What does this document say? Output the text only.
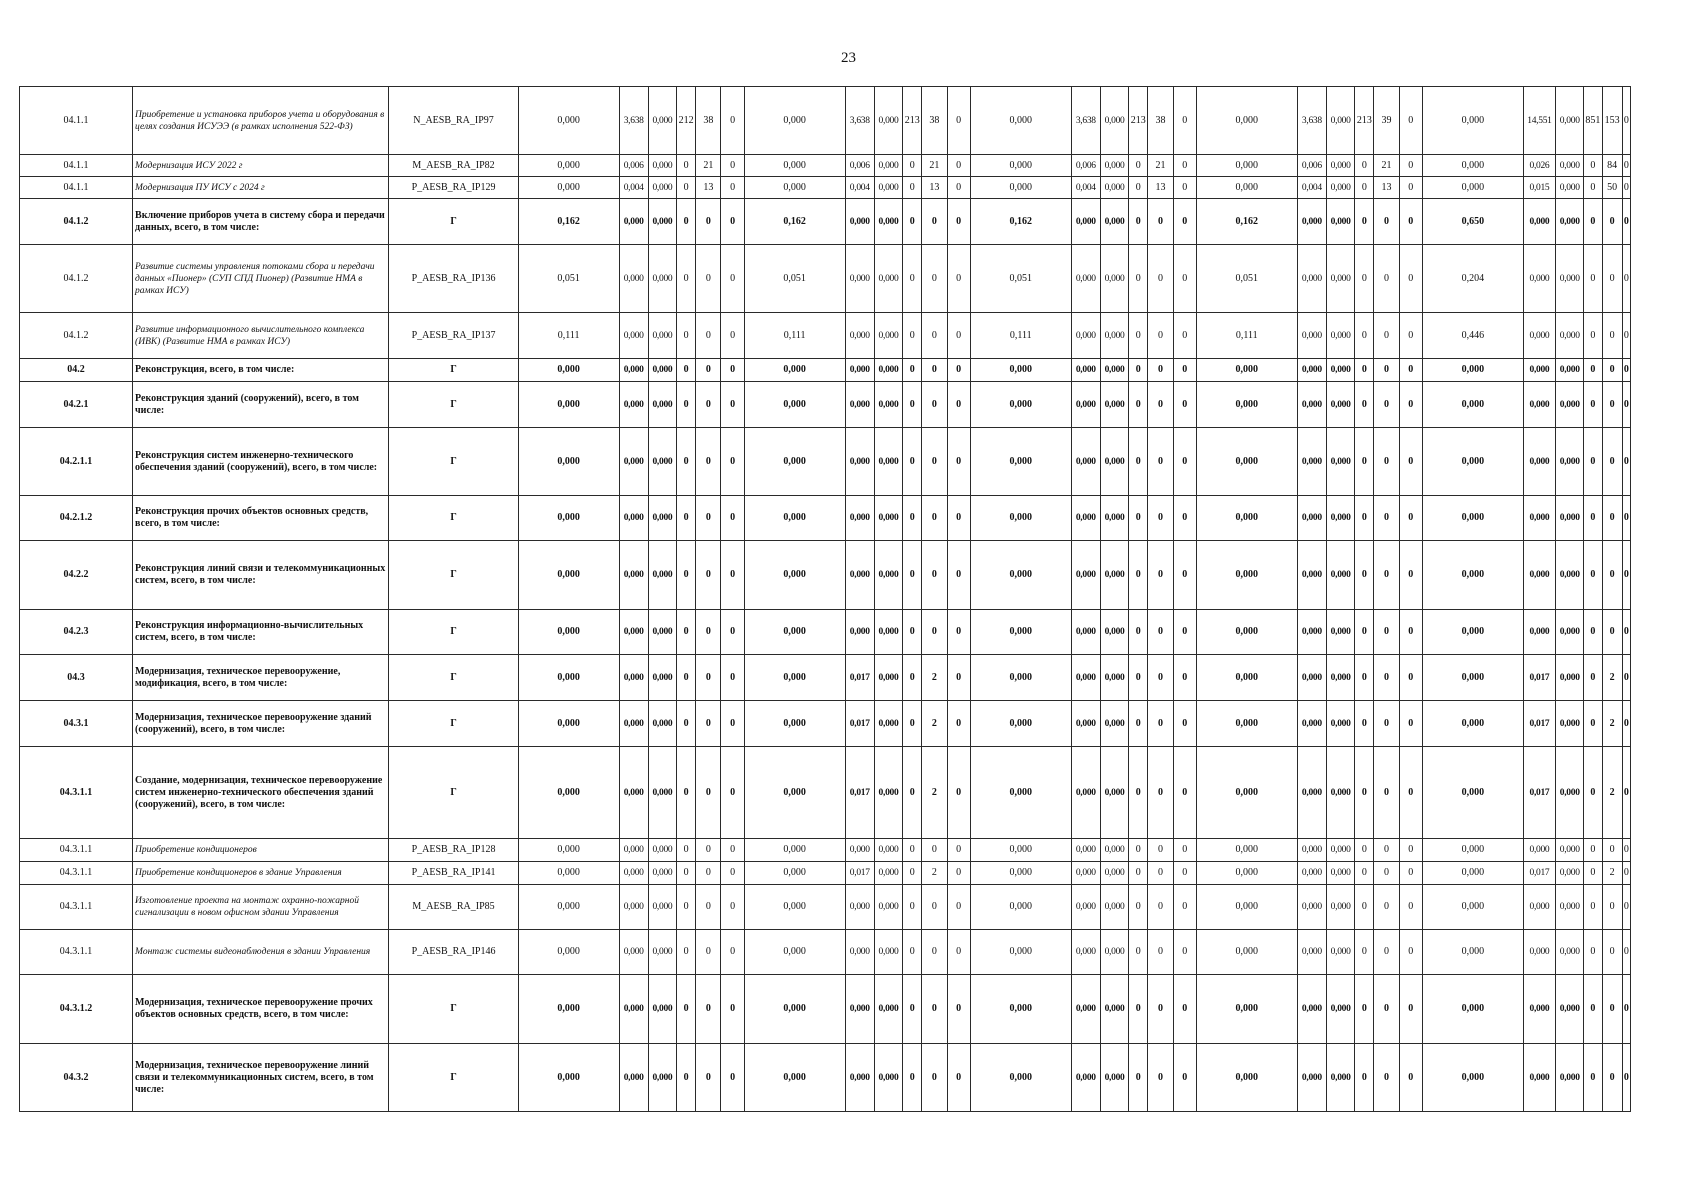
23
04.1.1	Приобретение и установка приборов учета и оборудования в целях создания ИСУЭЭ (в рамках исполнения 522-ФЗ)	N_AESB_RA_IP97	0,000	3,638	0,000	212	38	0	0,000	3,638	0,000	213	38	0	0,000	3,638	0,000	213	38	0	0,000	3,638	0,000	213	39	0	0,000	14,551	0,000	851	153	0
04.1.1	Модернизация ИСУ 2022 г	M_AESB_RA_IP82	0,000	0,006	0,000	0	21	0	0,000	0,006	0,000	0	21	0	0,000	0,006	0,000	0	21	0	0,000	0,006	0,000	0	21	0	0,000	0,026	0,000	0	84	0
04.1.1	Модернизация ПУ ИСУ с 2024 г	P_AESB_RA_IP129	0,000	0,004	0,000	0	13	0	0,000	0,004	0,000	0	13	0	0,000	0,004	0,000	0	13	0	0,000	0,004	0,000	0	13	0	0,000	0,015	0,000	0	50	0
04.1.2	Включение приборов учета в систему сбора и передачи данных, всего, в том числе:	Г	0,162	0,000	0,000	0	0	0	0,162	0,000	0,000	0	0	0	0,162	0,000	0,000	0	0	0	0,162	0,000	0,000	0	0	0	0,650	0,000	0,000	0	0	0
04.1.2	Развитие системы управления потоками сбора и передачи данных «Пионер» (СУП СПД Пионер) (Развитие НМА в рамках ИСУ)	P_AESB_RA_IP136	0,051	0,000	0,000	0	0	0	0,051	0,000	0,000	0	0	0	0,051	0,000	0,000	0	0	0	0,051	0,000	0,000	0	0	0	0,204	0,000	0,000	0	0	0
04.1.2	Развитие информационного вычислительного комплекса (ИВК) (Развитие НМА в рамках ИСУ)	P_AESB_RA_IP137	0,111	0,000	0,000	0	0	0	0,111	0,000	0,000	0	0	0	0,111	0,000	0,000	0	0	0	0,111	0,000	0,000	0	0	0	0,446	0,000	0,000	0	0	0
04.2	Реконструкция, всего, в том числе:	Г	0,000	0,000	0,000	0	0	0	0,000	0,000	0,000	0	0	0	0,000	0,000	0,000	0	0	0	0,000	0,000	0,000	0	0	0	0,000	0,000	0,000	0	0	0
04.2.1	Реконструкция зданий (сооружений), всего, в том числе:	Г	0,000	0,000	0,000	0	0	0	0,000	0,000	0,000	0	0	0	0,000	0,000	0,000	0	0	0	0,000	0,000	0,000	0	0	0	0,000	0,000	0,000	0	0	0
04.2.1.1	Реконструкция систем инженерно-технического обеспечения зданий (сооружений), всего, в том числе:	Г	0,000	0,000	0,000	0	0	0	0,000	0,000	0,000	0	0	0	0,000	0,000	0,000	0	0	0	0,000	0,000	0,000	0	0	0	0,000	0,000	0,000	0	0	0
04.2.1.2	Реконструкция прочих объектов основных средств, всего, в том числе:	Г	0,000	0,000	0,000	0	0	0	0,000	0,000	0,000	0	0	0	0,000	0,000	0,000	0	0	0	0,000	0,000	0,000	0	0	0	0,000	0,000	0,000	0	0	0
04.2.2	Реконструкция линий связи и телекоммуникационных систем, всего, в том числе:	Г	0,000	0,000	0,000	0	0	0	0,000	0,000	0,000	0	0	0	0,000	0,000	0,000	0	0	0	0,000	0,000	0,000	0	0	0	0,000	0,000	0,000	0	0	0
04.2.3	Реконструкция информационно-вычислительных систем, всего, в том числе:	Г	0,000	0,000	0,000	0	0	0	0,000	0,000	0,000	0	0	0	0,000	0,000	0,000	0	0	0	0,000	0,000	0,000	0	0	0	0,000	0,000	0,000	0	0	0
04.3	Модернизация, техническое перевооружение, модификация, всего, в том числе:	Г	0,000	0,000	0,000	0	0	0	0,000	0,017	0,000	0	2	0	0,000	0,000	0,000	0	0	0	0,000	0,000	0,000	0	0	0	0,000	0,017	0,000	0	2	0
04.3.1	Модернизация, техническое перевооружение зданий (сооружений), всего, в том числе:	Г	0,000	0,000	0,000	0	0	0	0,000	0,017	0,000	0	2	0	0,000	0,000	0,000	0	0	0	0,000	0,000	0,000	0	0	0	0,000	0,017	0,000	0	2	0
04.3.1.1	Создание, модернизация, техническое перевооружение систем инженерно-технического обеспечения зданий (сооружений), всего, в том числе:	Г	0,000	0,000	0,000	0	0	0	0,000	0,017	0,000	0	2	0	0,000	0,000	0,000	0	0	0	0,000	0,000	0,000	0	0	0	0,000	0,017	0,000	0	2	0
04.3.1.1	Приобретение кондиционеров	P_AESB_RA_IP128	0,000	0,000	0,000	0	0	0	0,000	0,000	0,000	0	0	0	0,000	0,000	0,000	0	0	0	0,000	0,000	0,000	0	0	0	0,000	0,000	0,000	0	0	0
04.3.1.1	Приобретение кондиционеров в здание Управления	P_AESB_RA_IP141	0,000	0,000	0,000	0	0	0	0,000	0,017	0,000	0	2	0	0,000	0,000	0,000	0	0	0	0,000	0,000	0,000	0	0	0	0,000	0,017	0,000	0	2	0
04.3.1.1	Изготовление проекта на монтаж охранно-пожарной сигнализации в новом офисном здании Управления	M_AESB_RA_IP85	0,000	0,000	0,000	0	0	0	0,000	0,000	0,000	0	0	0	0,000	0,000	0,000	0	0	0	0,000	0,000	0,000	0	0	0	0,000	0,000	0,000	0	0	0
04.3.1.1	Монтаж системы видеонаблюдения в здании Управления	P_AESB_RA_IP146	0,000	0,000	0,000	0	0	0	0,000	0,000	0,000	0	0	0	0,000	0,000	0,000	0	0	0	0,000	0,000	0,000	0	0	0	0,000	0,000	0,000	0	0	0
04.3.1.2	Модернизация, техническое перевооружение прочих объектов основных средств, всего, в том числе:	Г	0,000	0,000	0,000	0	0	0	0,000	0,000	0,000	0	0	0	0,000	0,000	0,000	0	0	0	0,000	0,000	0,000	0	0	0	0,000	0,000	0,000	0	0	0
04.3.2	Модернизация, техническое перевооружение линий связи и телекоммуникационных систем, всего, в том числе:	Г	0,000	0,000	0,000	0	0	0	0,000	0,000	0,000	0	0	0	0,000	0,000	0,000	0	0	0	0,000	0,000	0,000	0	0	0	0,000	0,000	0,000	0	0	0
